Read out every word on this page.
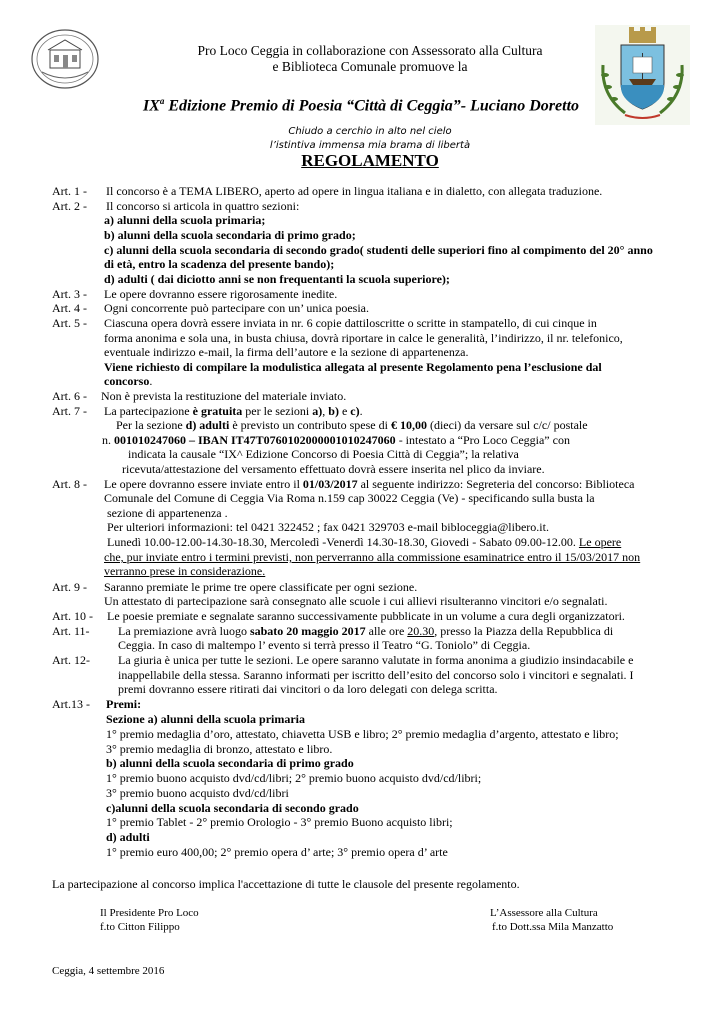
Pro Loco Ceggia in collaborazione con Assessorato alla Cultura
e Biblioteca Comunale promuove la
$IX^a$ Edizione Premio di Poesia “Città di Ceggia”- Luciano Doretto
Chiudo a cerchio in alto nel cielo
l’istintiva immensa mia brama di libertà
REGOLAMENTO
Art. 1 - Il concorso è a TEMA LIBERO, aperto ad opere in lingua italiana e in dialetto, con allegata traduzione.
Art. 2 - Il concorso si articola in quattro sezioni:
a) alunni della scuola primaria;
b) alunni della scuola secondaria di primo grado;
c) alunni della scuola secondaria di secondo grado( studenti delle superiori fino al compimento del 20° anno
di età, entro la scadenza del presente bando);
d) adulti ( dai diciotto anni se non frequentanti la scuola superiore);
Art. 3 - Le opere dovranno essere rigorosamente inedite.
Art. 4 - Ogni concorrente può partecipare con un’ unica poesia.
Art. 5 - Ciascuna opera dovrà essere inviata in nr. 6 copie dattiloscritte o scritte in stampatello, di cui cinque in
forma anonima e sola una, in busta chiusa, dovrà riportare in calce le generalità, l’indirizzo, il nr. telefonico,
eventuale indirizzo e-mail, la firma dell’autore e la sezione di appartenenza.
Viene richiesto di compilare la modulistica allegata al presente Regolamento pena l’esclusione dal
concorso.
Art. 6 - Non è prevista la restituzione del materiale inviato.
Art. 7 - La partecipazione è gratuita per le sezioni a), b) e c).
Per la sezione d) adulti è previsto un contributo spese di € 10,00 (dieci) da versare sul c/c/ postale
n. 001010247060 – IBAN IT47T0760102000001010247060 - intestato a “Pro Loco Ceggia” con
indicata la causale “IX^ Edizione Concorso di Poesia Città di Ceggia”; la relativa
ricevuta/attestazione del versamento effettuato dovrà essere inserita nel plico da inviare.
Art. 8 - Le opere dovranno essere inviate entro il 01/03/2017 al seguente indirizzo: Segreteria del concorso: Biblioteca
Comunale del Comune di Ceggia Via Roma n.159 cap 30022 Ceggia (Ve) - specificando sulla busta la
sezione di appartenenza .
Per ulteriori informazioni: tel 0421 322452 ; fax 0421 329703 e-mail bibloceggia@libero.it.
Lunedì 10.00-12.00-14.30-18.30, Mercoledì -Venerdì 14.30-18.30, Giovedi - Sabato 09.00-12.00. Le opere
che, pur inviate entro i termini previsti, non perverranno alla commissione esaminatrice entro il 15/03/2017 non
verranno prese in considerazione.
Art. 9 - Saranno premiate le prime tre opere classificate per ogni sezione.
Un attestato di partecipazione sarà consegnato alle scuole i cui allievi risulteranno vincitori e/o segnalati.
Art. 10 - Le poesie premiate e segnalate saranno successivamente pubblicate in un volume a cura degli organizzatori.
Art. 11- La premiazione avrà luogo sabato 20 maggio 2017 alle ore 20.30, presso la Piazza della Repubblica di
Ceggia. In caso di maltempo l’ evento si terrà presso il Teatro “G. Toniolo” di Ceggia.
Art. 12- La giuria è unica per tutte le sezioni. Le opere saranno valutate in forma anonima a giudizio insindacabile e
inappellabile della stessa. Saranno informati per iscritto dell’esito del concorso solo i vincitori e segnalati. I
premi dovranno essere ritirati dai vincitori o da loro delegati con delega scritta.
Art.13 - Premi:
Sezione a) alunni della scuola primaria
1° premio medaglia d’oro, attestato, chiavetta USB e libro; 2° premio medaglia d’argento, attestato e libro;
3° premio medaglia di bronzo, attestato e libro.
b) alunni della scuola secondaria di primo grado
1° premio buono acquisto dvd/cd/libri; 2° premio buono acquisto dvd/cd/libri;
3° premio buono acquisto dvd/cd/libri
c)alunni della scuola secondaria di secondo grado
1° premio Tablet - 2° premio Orologio - 3° premio Buono acquisto libri;
d) adulti
1° premio euro 400,00; 2° premio opera d’ arte; 3° premio opera d’ arte
La partecipazione al concorso implica l'accettazione di tutte le clausole del presente regolamento.
Il Presidente Pro Loco
f.to Citton Filippo
L’Assessore alla Cultura
f.to Dott.ssa Mila Manzatto
Ceggia, 4 settembre 2016
